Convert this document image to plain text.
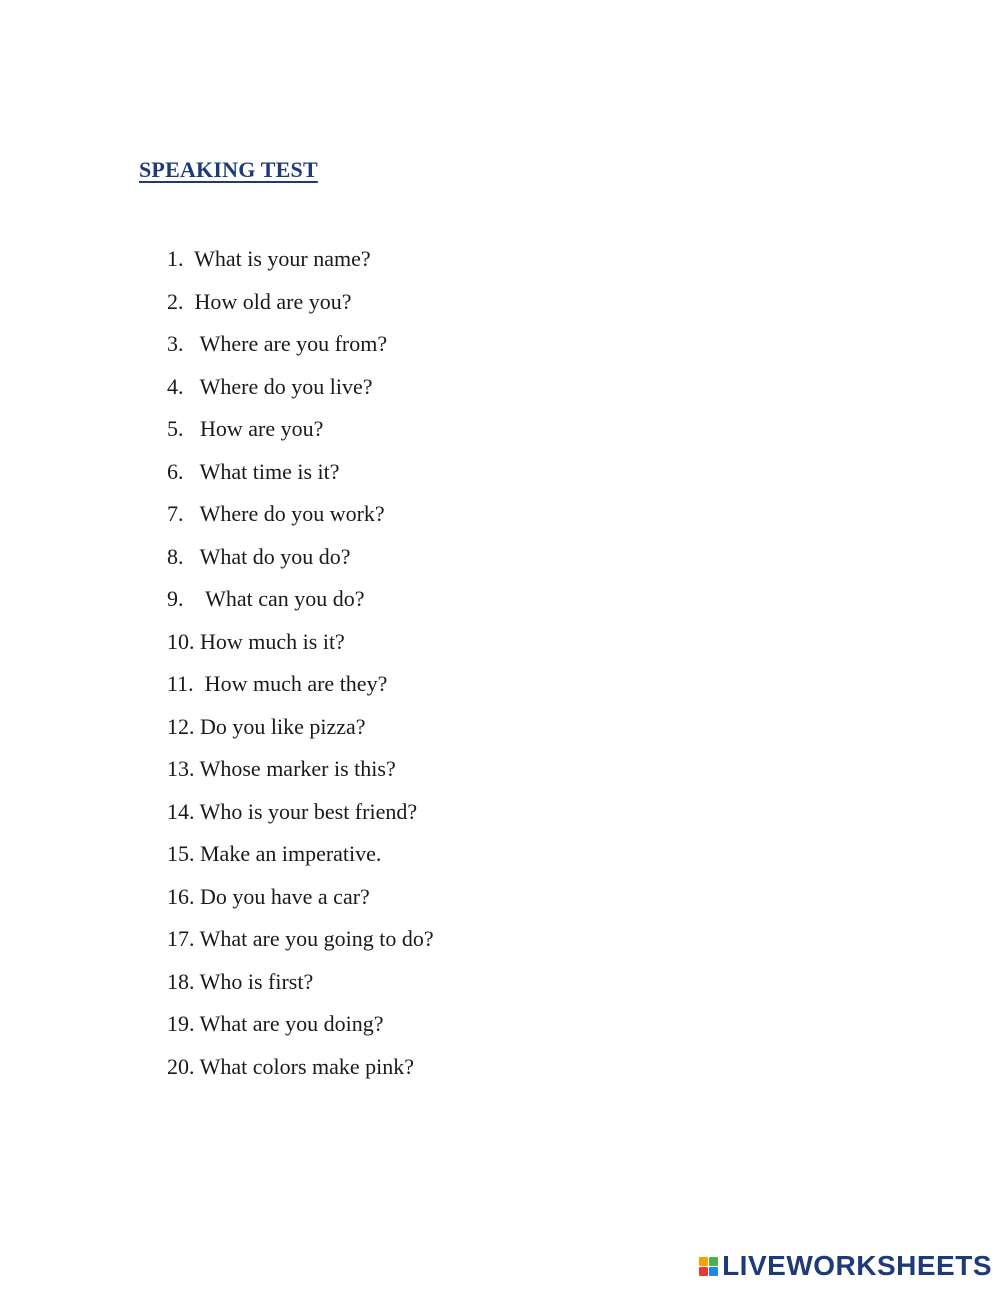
SPEAKING TEST
1.  What is your name?
2.  How old are you?
3.   Where are you from?
4.   Where do you live?
5.   How are you?
6.   What time is it?
7.   Where do you work?
8.   What do you do?
9.    What can you do?
10. How much is it?
11.  How much are they?
12. Do you like pizza?
13. Whose marker is this?
14. Who is your best friend?
15. Make an imperative.
16. Do you have a car?
17. What are you going to do?
18. Who is first?
19. What are you doing?
20. What colors make pink?
LIVEWORKSHEETS
